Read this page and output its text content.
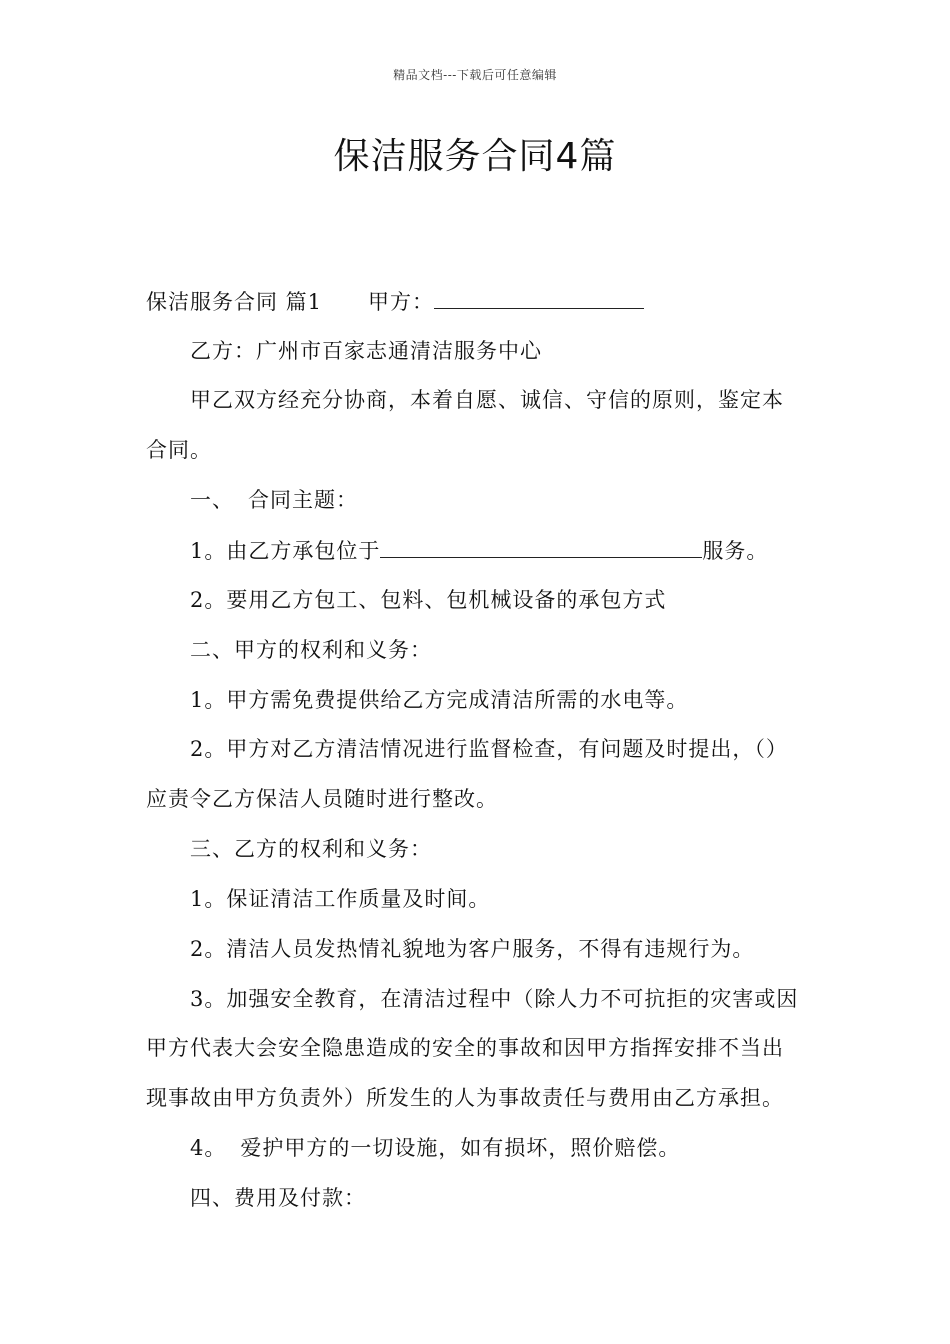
精品文档---下载后可任意编辑
保洁服务合同4篇
保洁服务合同 篇1 甲方：
乙方：广州市百家志通清洁服务中心
甲乙双方经充分协商，本着自愿、诚信、守信的原则，鉴定本
合同。
一、 合同主题：
1。由乙方承包位于	服务。
2。要用乙方包工、包料、包机械设备的承包方式
二、甲方的权利和义务：
1。甲方需免费提供给乙方完成清洁所需的水电等。
2。甲方对乙方清洁情况进行监督检查，有问题及时提出，（）
应责令乙方保洁人员随时进行整改。
三、乙方的权利和义务：
1。保证清洁工作质量及时间。
2。清洁人员发热情礼貌地为客户服务，不得有违规行为。
3。加强安全教育，在清洁过程中（除人力不可抗拒的灾害或因
甲方代表大会安全隐患造成的安全的事故和因甲方指挥安排不当出
现事故由甲方负责外）所发生的人为事故责任与费用由乙方承担。
4。 爱护甲方的一切设施，如有损坏，照价赔偿。
四、费用及付款：
